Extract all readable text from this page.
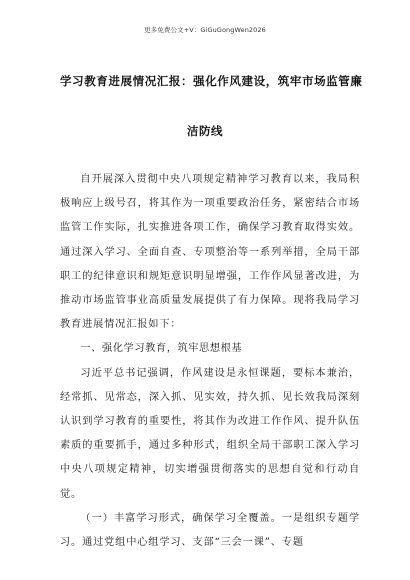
更多免费公文+V：GiGuGongWen2026
学习教育进展情况汇报：强化作风建设，筑牢市场监管廉
洁防线

自开展深入贯彻中央八项规定精神学习教育以来，我局积极响应上级号召，将其作为一项重要政治任务，紧密结合市场监管工作实际，扎实推进各项工作，确保学习教育取得实效。通过深入学习、全面自查、专项整治等一系列举措，全局干部职工的纪律意识和规矩意识明显增强，工作作风显著改进，为推动市场监管事业高质量发展提供了有力保障。现将我局学习教育进展情况汇报如下：

一、强化学习教育，筑牢思想根基

习近平总书记强调，作风建设是永恒课题，要标本兼治，经常抓、见常态，深入抓、见实效，持久抓、见长效我局深刻认识到学习教育的重要性，将其作为改进工作作风、提升队伍素质的重要抓手，通过多种形式，组织全局干部职工深入学习中央八项规定精神，切实增强贯彻落实的思想自觉和行动自觉。

（一）丰富学习形式，确保学习全覆盖。一是组织专题学习。通过党组中心组学习、支部“三会一课”、专题
